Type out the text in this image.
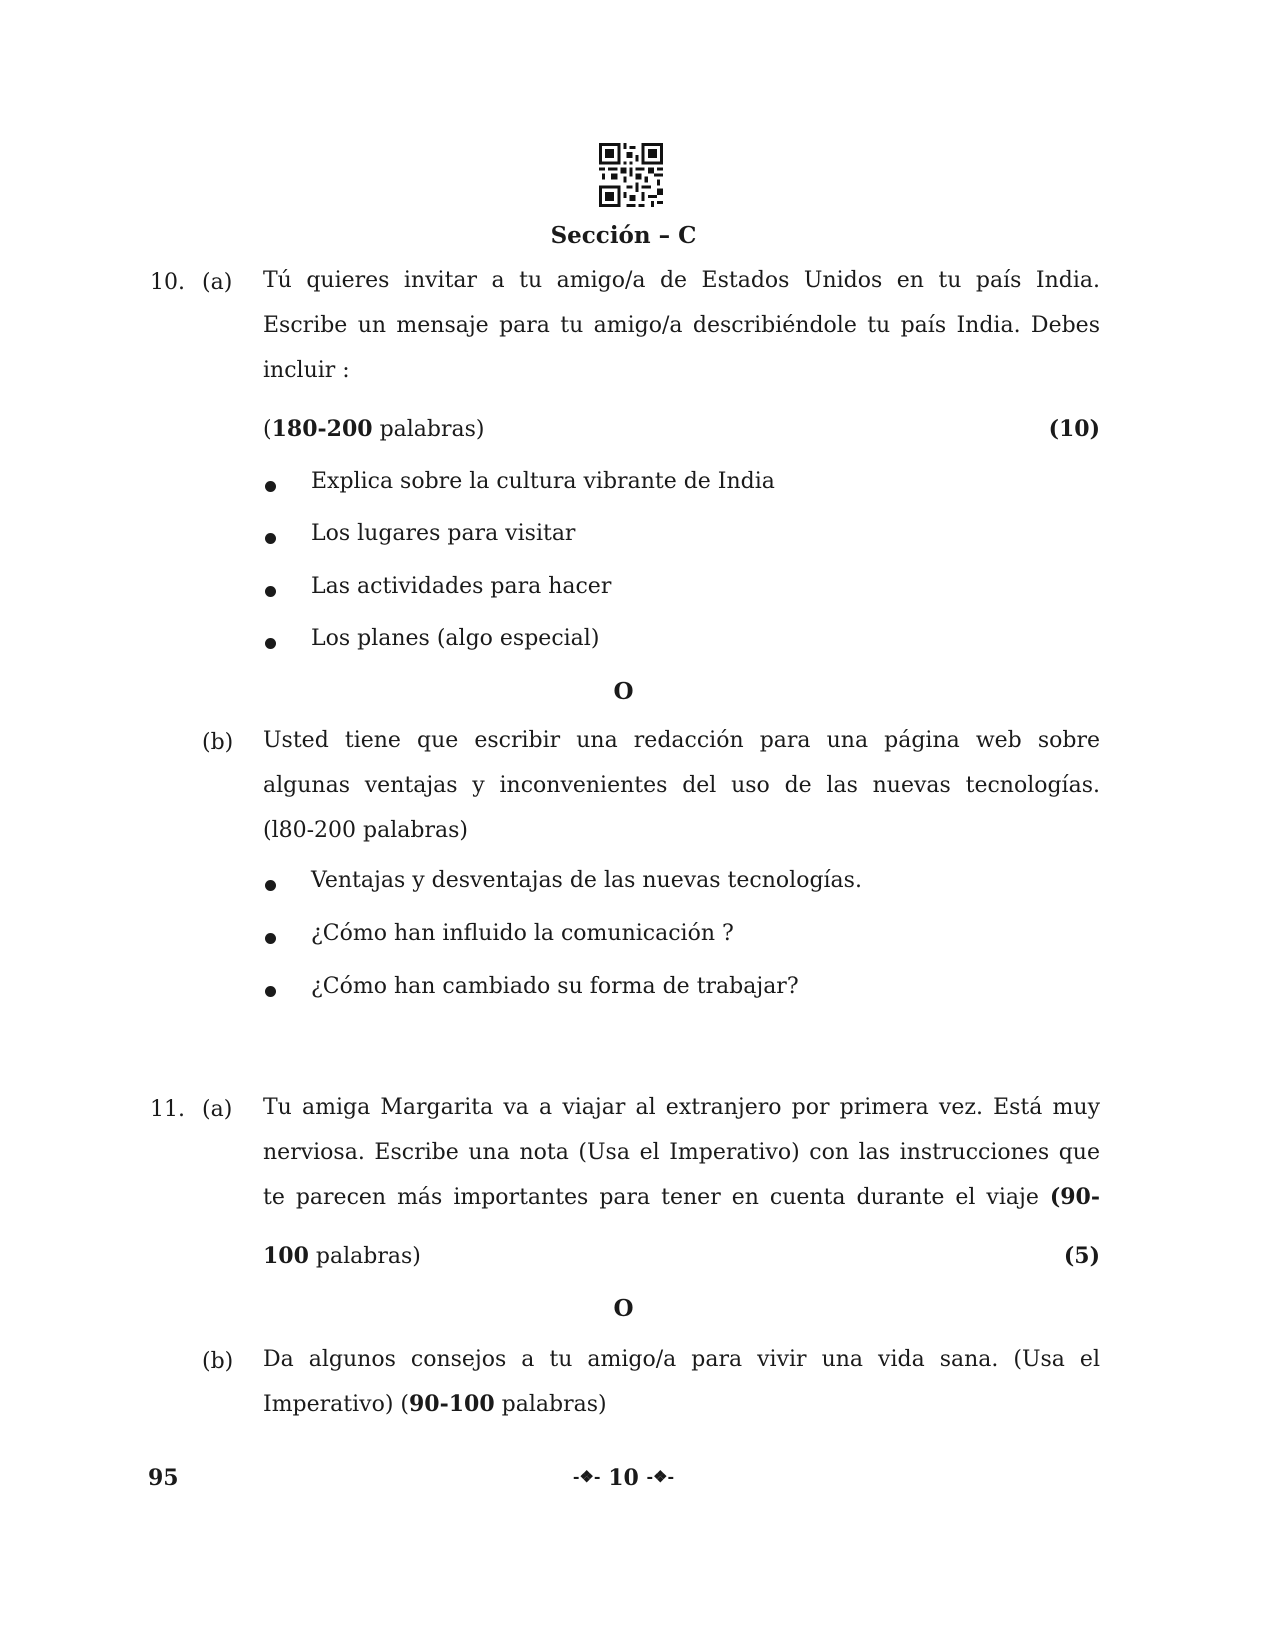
Sección – C
10. (a) Tú quieres invitar a tu amigo/a de Estados Unidos en tu país India.
Escribe un mensaje para tu amigo/a describiéndole tu país India. Debes
incluir :
(180-200 palabras)	(10)
Explica sobre la cultura vibrante de India
Los lugares para visitar
Las actividades para hacer
Los planes (algo especial)
O
(b) Usted tiene que escribir una redacción para una página web sobre
algunas ventajas y inconvenientes del uso de las nuevas tecnologías.
(l80-200 palabras)
Ventajas y desventajas de las nuevas tecnologías.
¿Cómo han influido la comunicación ?
¿Cómo han cambiado su forma de trabajar?
11. (a) Tu amiga Margarita va a viajar al extranjero por primera vez. Está muy
nerviosa. Escribe una nota (Usa el Imperativo) con las instrucciones que
te parecen más importantes para tener en cuenta durante el viaje (90-
100 palabras)	(5)
O
(b) Da algunos consejos a tu amigo/a para vivir una vida sana. (Usa el
Imperativo) (90-100 palabras)
95	-❖- 10 -❖-
